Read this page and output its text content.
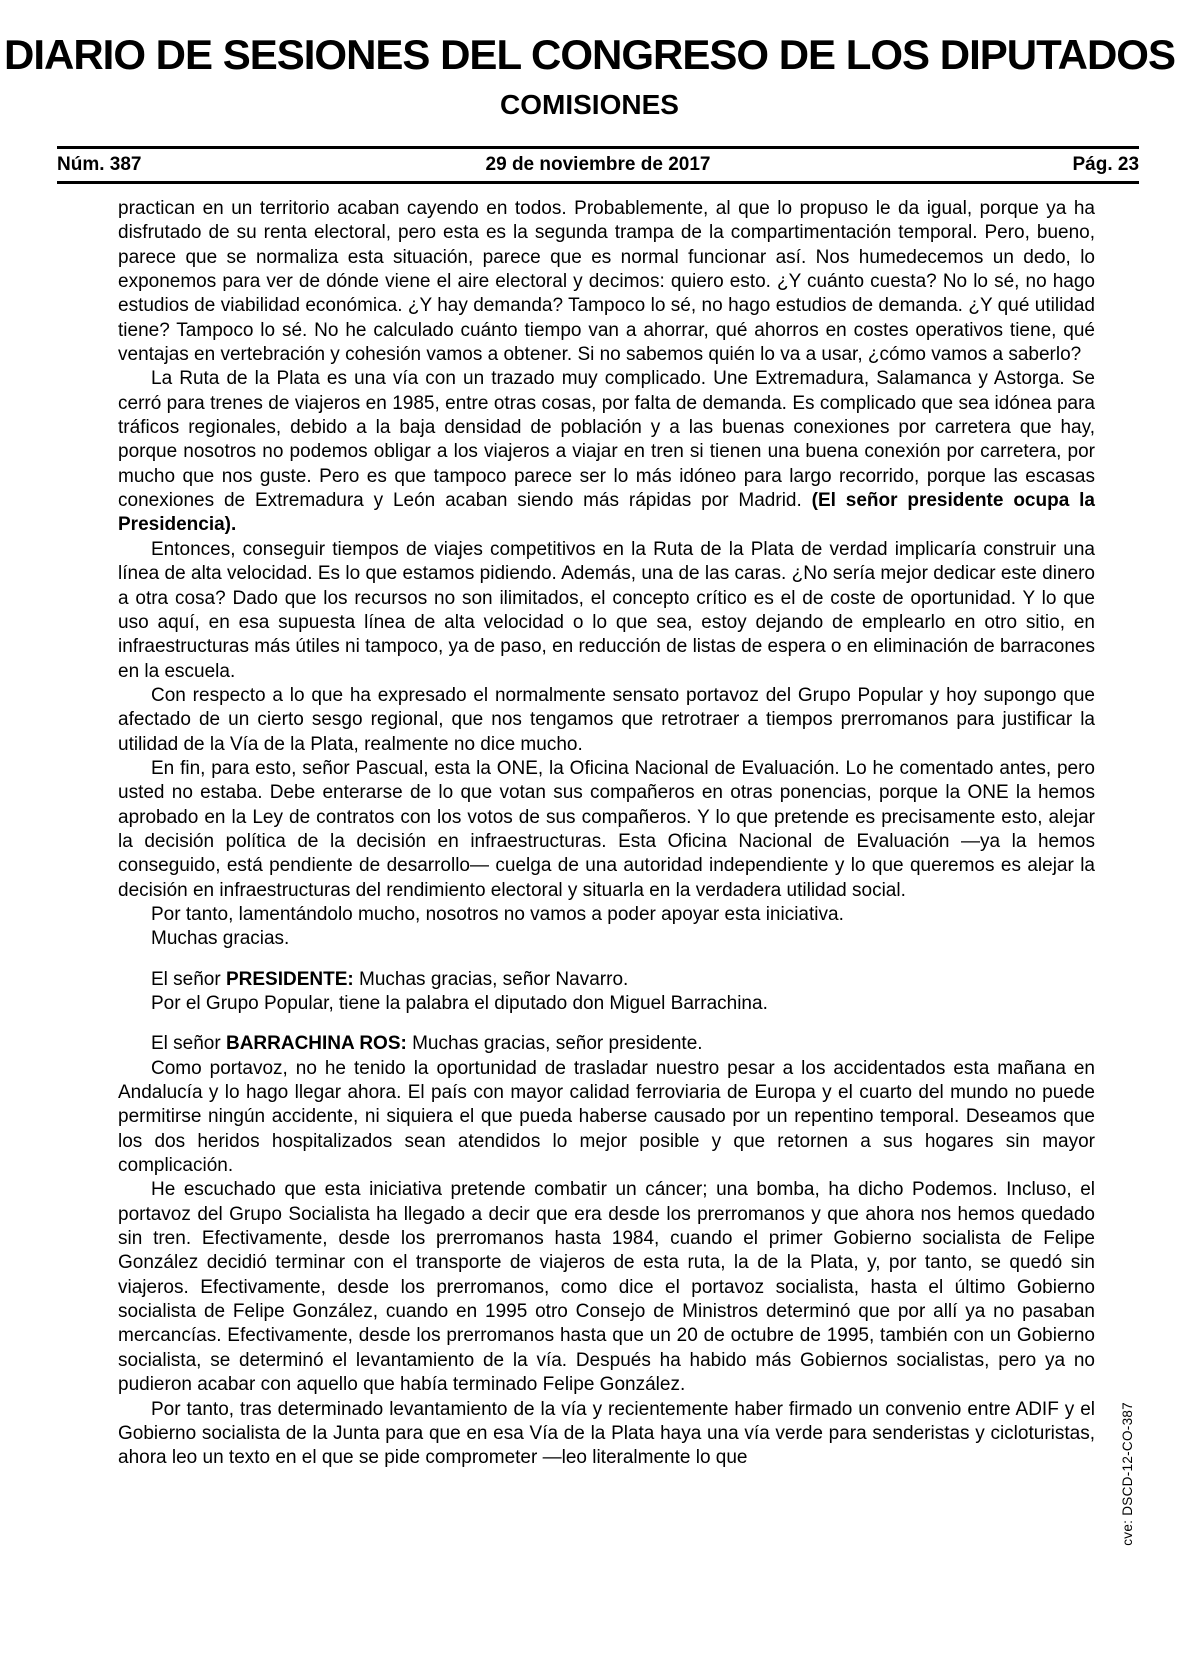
DIARIO DE SESIONES DEL CONGRESO DE LOS DIPUTADOS
COMISIONES
Núm. 387	29 de noviembre de 2017	Pág. 23

practican en un territorio acaban cayendo en todos. Probablemente, al que lo propuso le da igual, porque ya ha disfrutado de su renta electoral, pero esta es la segunda trampa de la compartimentación temporal. Pero, bueno, parece que se normaliza esta situación, parece que es normal funcionar así. Nos humedecemos un dedo, lo exponemos para ver de dónde viene el aire electoral y decimos: quiero esto. ¿Y cuánto cuesta? No lo sé, no hago estudios de viabilidad económica. ¿Y hay demanda? Tampoco lo sé, no hago estudios de demanda. ¿Y qué utilidad tiene? Tampoco lo sé. No he calculado cuánto tiempo van a ahorrar, qué ahorros en costes operativos tiene, qué ventajas en vertebración y cohesión vamos a obtener. Si no sabemos quién lo va a usar, ¿cómo vamos a saberlo?

La Ruta de la Plata es una vía con un trazado muy complicado. Une Extremadura, Salamanca y Astorga. Se cerró para trenes de viajeros en 1985, entre otras cosas, por falta de demanda. Es complicado que sea idónea para tráficos regionales, debido a la baja densidad de población y a las buenas conexiones por carretera que hay, porque nosotros no podemos obligar a los viajeros a viajar en tren si tienen una buena conexión por carretera, por mucho que nos guste. Pero es que tampoco parece ser lo más idóneo para largo recorrido, porque las escasas conexiones de Extremadura y León acaban siendo más rápidas por Madrid. (El señor presidente ocupa la Presidencia).

Entonces, conseguir tiempos de viajes competitivos en la Ruta de la Plata de verdad implicaría construir una línea de alta velocidad. Es lo que estamos pidiendo. Además, una de las caras. ¿No sería mejor dedicar este dinero a otra cosa? Dado que los recursos no son ilimitados, el concepto crítico es el de coste de oportunidad. Y lo que uso aquí, en esa supuesta línea de alta velocidad o lo que sea, estoy dejando de emplearlo en otro sitio, en infraestructuras más útiles ni tampoco, ya de paso, en reducción de listas de espera o en eliminación de barracones en la escuela.

Con respecto a lo que ha expresado el normalmente sensato portavoz del Grupo Popular y hoy supongo que afectado de un cierto sesgo regional, que nos tengamos que retrotraer a tiempos prerromanos para justificar la utilidad de la Vía de la Plata, realmente no dice mucho.

En fin, para esto, señor Pascual, esta la ONE, la Oficina Nacional de Evaluación. Lo he comentado antes, pero usted no estaba. Debe enterarse de lo que votan sus compañeros en otras ponencias, porque la ONE la hemos aprobado en la Ley de contratos con los votos de sus compañeros. Y lo que pretende es precisamente esto, alejar la decisión política de la decisión en infraestructuras. Esta Oficina Nacional de Evaluación —ya la hemos conseguido, está pendiente de desarrollo— cuelga de una autoridad independiente y lo que queremos es alejar la decisión en infraestructuras del rendimiento electoral y situarla en la verdadera utilidad social.

Por tanto, lamentándolo mucho, nosotros no vamos a poder apoyar esta iniciativa.

Muchas gracias.

El señor PRESIDENTE: Muchas gracias, señor Navarro.

Por el Grupo Popular, tiene la palabra el diputado don Miguel Barrachina.

El señor BARRACHINA ROS: Muchas gracias, señor presidente.

Como portavoz, no he tenido la oportunidad de trasladar nuestro pesar a los accidentados esta mañana en Andalucía y lo hago llegar ahora. El país con mayor calidad ferroviaria de Europa y el cuarto del mundo no puede permitirse ningún accidente, ni siquiera el que pueda haberse causado por un repentino temporal. Deseamos que los dos heridos hospitalizados sean atendidos lo mejor posible y que retornen a sus hogares sin mayor complicación.

He escuchado que esta iniciativa pretende combatir un cáncer; una bomba, ha dicho Podemos. Incluso, el portavoz del Grupo Socialista ha llegado a decir que era desde los prerromanos y que ahora nos hemos quedado sin tren. Efectivamente, desde los prerromanos hasta 1984, cuando el primer Gobierno socialista de Felipe González decidió terminar con el transporte de viajeros de esta ruta, la de la Plata, y, por tanto, se quedó sin viajeros. Efectivamente, desde los prerromanos, como dice el portavoz socialista, hasta el último Gobierno socialista de Felipe González, cuando en 1995 otro Consejo de Ministros determinó que por allí ya no pasaban mercancías. Efectivamente, desde los prerromanos hasta que un 20 de octubre de 1995, también con un Gobierno socialista, se determinó el levantamiento de la vía. Después ha habido más Gobiernos socialistas, pero ya no pudieron acabar con aquello que había terminado Felipe González.

Por tanto, tras determinado levantamiento de la vía y recientemente haber firmado un convenio entre ADIF y el Gobierno socialista de la Junta para que en esa Vía de la Plata haya una vía verde para senderistas y cicloturistas, ahora leo un texto en el que se pide comprometer —leo literalmente lo que	cve: DSCD-12-CO-387
